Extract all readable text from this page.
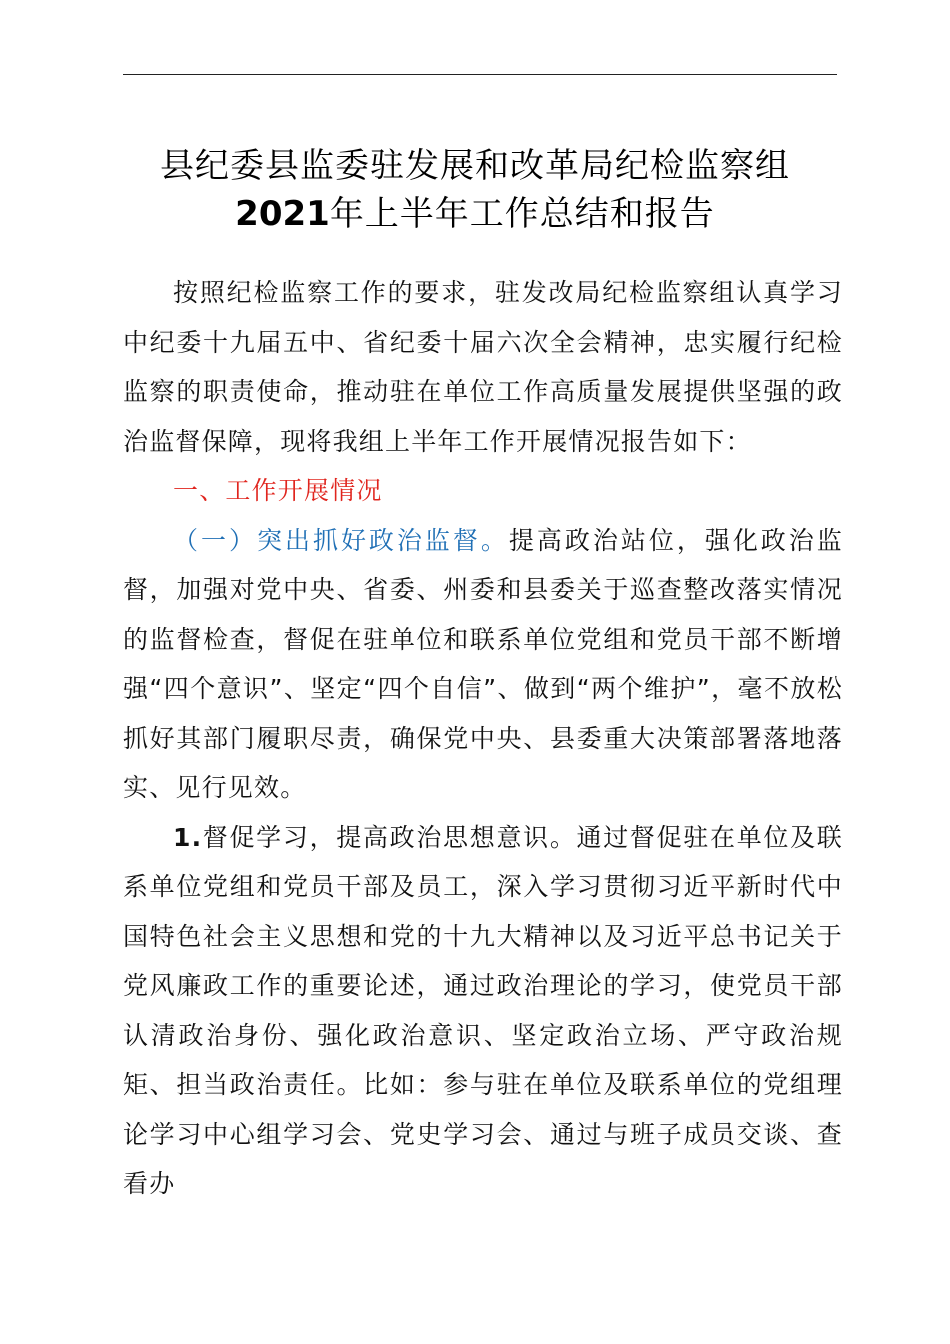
县纪委县监委驻发展和改革局纪检监察组
2021年上半年工作总结和报告

按照纪检监察工作的要求，驻发改局纪检监察组认真学习中纪委十九届五中、省纪委十届六次全会精神，忠实履行纪检监察的职责使命，推动驻在单位工作高质量发展提供坚强的政治监督保障，现将我组上半年工作开展情况报告如下：

一、工作开展情况

（一）突出抓好政治监督。提高政治站位，强化政治监督，加强对党中央、省委、州委和县委关于巡查整改落实情况的监督检查，督促在驻单位和联系单位党组和党员干部不断增强“四个意识”、坚定“四个自信”、做到“两个维护”，毫不放松抓好其部门履职尽责，确保党中央、县委重大决策部署落地落实、见行见效。

1.督促学习，提高政治思想意识。通过督促驻在单位及联系单位党组和党员干部及员工，深入学习贯彻习近平新时代中国特色社会主义思想和党的十九大精神以及习近平总书记关于党风廉政工作的重要论述，通过政治理论的学习，使党员干部认清政治身份、强化政治意识、坚定政治立场、严守政治规矩、担当政治责任。比如：参与驻在单位及联系单位的党组理论学习中心组学习会、党史学习会、通过与班子成员交谈、查看办
